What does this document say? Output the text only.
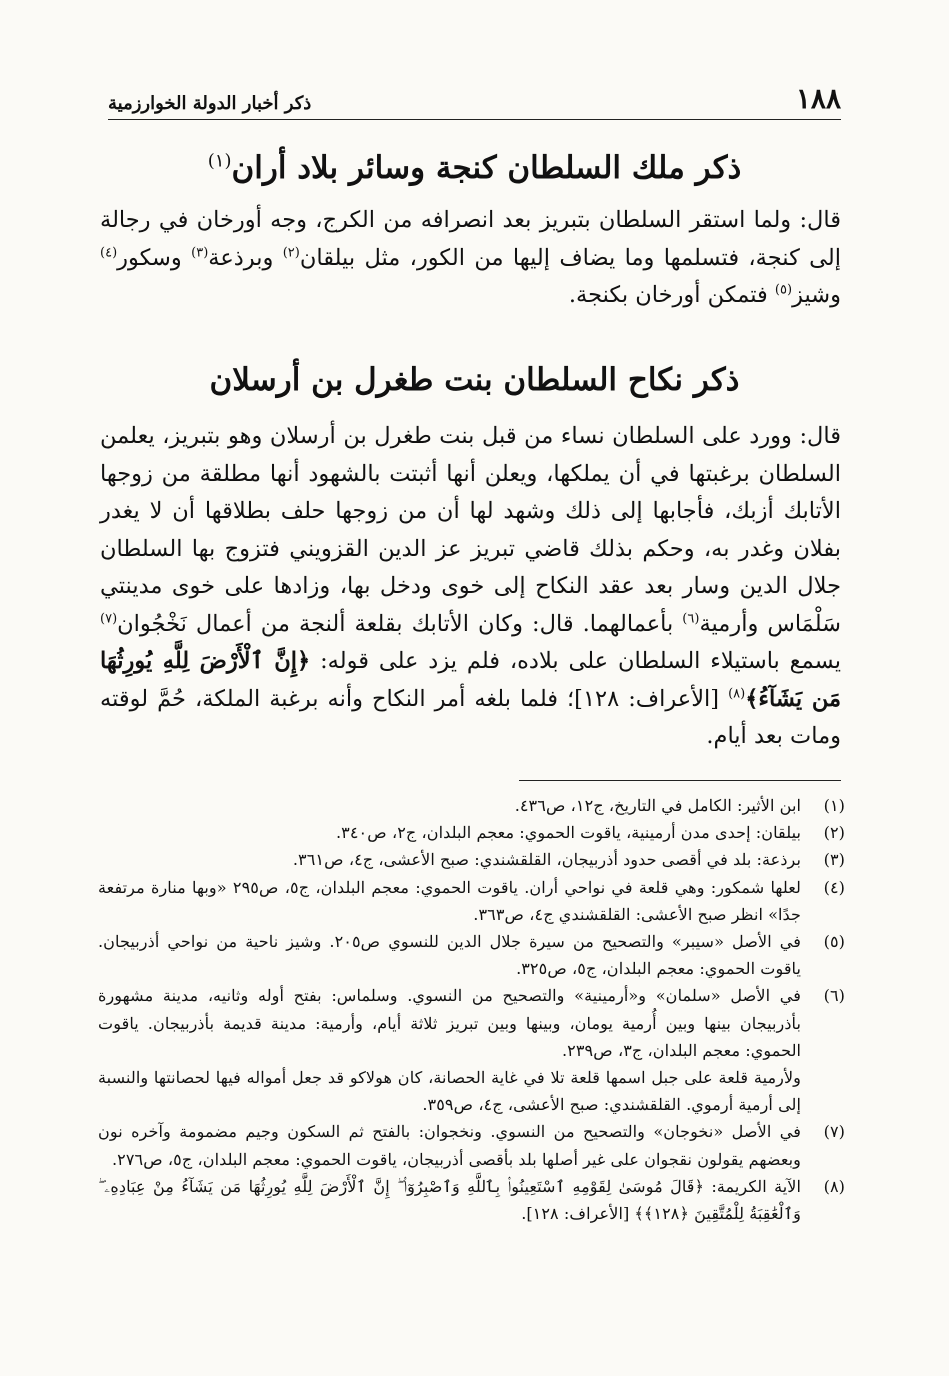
١٨٨
ذكر أخبار الدولة الخوارزمية
ذكر ملك السلطان كنجة وسائر بلاد أران$^{(١)}$

قال: ولما استقر السلطان بتبريز بعد انصرافه من الكرج، وجه أورخان في رجالة إلى كنجة، فتسلمها وما يضاف إليها من الكور، مثل بيلقان$^{(٢)}$ وبرذعة$^{(٣)}$ وسكور$^{(٤)}$ وشيز$^{(٥)}$ فتمكن أورخان بكنجة.

ذكر نكاح السلطان بنت طغرل بن أرسلان

قال: وورد على السلطان نساء من قبل بنت طغرل بن أرسلان وهو بتبريز، يعلمن السلطان برغبتها في أن يملكها، ويعلن أنها أثبتت بالشهود أنها مطلقة من زوجها الأتابك أزبك، فأجابها إلى ذلك وشهد لها أن من زوجها حلف بطلاقها أن لا يغدر بفلان وغدر به، وحكم بذلك قاضي تبريز عز الدين القزويني فتزوج بها السلطان جلال الدين وسار بعد عقد النكاح إلى خوى ودخل بها، وزادها على خوى مدينتي سَلْمَاس وأرمية$^{(٦)}$ بأعمالهما. قال: وكان الأتابك بقلعة ألنجة من أعمال نَخْجُوان$^{(٧)}$ يسمع باستيلاء السلطان على بلاده، فلم يزد على قوله: ﴿إِنَّ ٱلْأَرْضَ لِلَّهِ يُورِثُهَا مَن يَشَآءُ﴾$^{(٨)}$ [الأعراف: ١٢٨]؛ فلما بلغه أمر النكاح وأنه برغبة الملكة، حُمَّ لوقته ومات بعد أيام.

(١)
ابن الأثير: الكامل في التاريخ، ج١٢، ص٤٣٦.
(٢)
بيلقان: إحدى مدن أرمينية، ياقوت الحموي: معجم البلدان، ج٢، ص٣٤٠.
(٣)
برذعة: بلد في أقصى حدود أذربيجان، القلقشندي: صبح الأعشى، ج٤، ص٣٦١.
(٤)
لعلها شمكور: وهي قلعة في نواحي أران. ياقوت الحموي: معجم البلدان، ج٥، ص٢٩٥ «وبها منارة مرتفعة جدًا» انظر صبح الأعشى: القلقشندي ج٤، ص٣٦٣.
(٥)
في الأصل «سيبر» والتصحيح من سيرة جلال الدين للنسوي ص٢٠٥. وشيز ناحية من نواحي أذربيجان. ياقوت الحموي: معجم البلدان، ج٥، ص٣٢٥.
(٦)
في الأصل «سلمان» و«أرمينية» والتصحيح من النسوي. وسلماس: بفتح أوله وثانيه، مدينة مشهورة بأذربيجان بينها وبين أُرمية يومان، وبينها وبين تبريز ثلاثة أيام، وأرمية: مدينة قديمة بأذربيجان. ياقوت الحموي: معجم البلدان، ج٣، ص٢٣٩.
ولأرمية قلعة على جبل اسمها قلعة تلا في غاية الحصانة، كان هولاكو قد جعل أمواله فيها لحصانتها والنسبة إلى أرمية أرموي. القلقشندي: صبح الأعشى، ج٤، ص٣٥٩.
(٧)
في الأصل «نخوجان» والتصحيح من النسوي. ونخجوان: بالفتح ثم السكون وجيم مضمومة وآخره نون وبعضهم يقولون نقجوان على غير أصلها بلد بأقصى أذربيجان، ياقوت الحموي: معجم البلدان، ج٥، ص٢٧٦.
(٨)
الآية الكريمة: ﴿قَالَ مُوسَىٰ لِقَوْمِهِ ٱسْتَعِينُوا۟ بِٱللَّهِ وَٱصْبِرُوٓا۟ ۖ إِنَّ ٱلْأَرْضَ لِلَّهِ يُورِثُهَا مَن يَشَآءُ مِنْ عِبَادِهِۦ ۖ وَٱلْعَٰقِبَةُ لِلْمُتَّقِينَ ﴿١٢٨﴾﴾ [الأعراف: ١٢٨].
